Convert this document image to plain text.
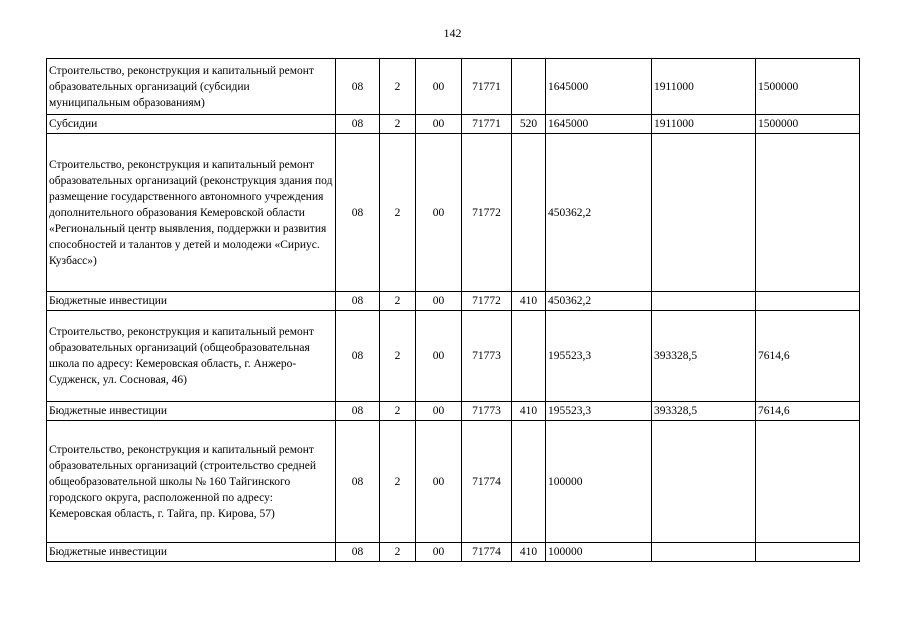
142
Строительство, реконструкция и капитальный ремонт образовательных организаций (субсидии муниципальным образованиям)	08	2	00	71771		1645000	1911000	1500000
Субсидии	08	2	00	71771	520	1645000	1911000	1500000
Строительство, реконструкция и капитальный ремонт образовательных организаций (реконструкция здания под размещение государственного автономного учреждения дополнительного образования Кемеровской области «Региональный центр выявления, поддержки и развития способностей и талантов у детей и молодежи «Сириус. Кузбасс»)	08	2	00	71772		450362,2		
Бюджетные инвестиции	08	2	00	71772	410	450362,2		
Строительство, реконструкция и капитальный ремонт образовательных организаций (общеобразовательная школа по адресу: Кемеровская область, г. Анжеро-Судженск, ул. Сосновая, 46)	08	2	00	71773		195523,3	393328,5	7614,6
Бюджетные инвестиции	08	2	00	71773	410	195523,3	393328,5	7614,6
Строительство, реконструкция и капитальный ремонт образовательных организаций (строительство средней общеобразовательной школы № 160 Тайгинского городского округа, расположенной по адресу: Кемеровская область, г. Тайга, пр. Кирова, 57)	08	2	00	71774		100000		
Бюджетные инвестиции	08	2	00	71774	410	100000		
